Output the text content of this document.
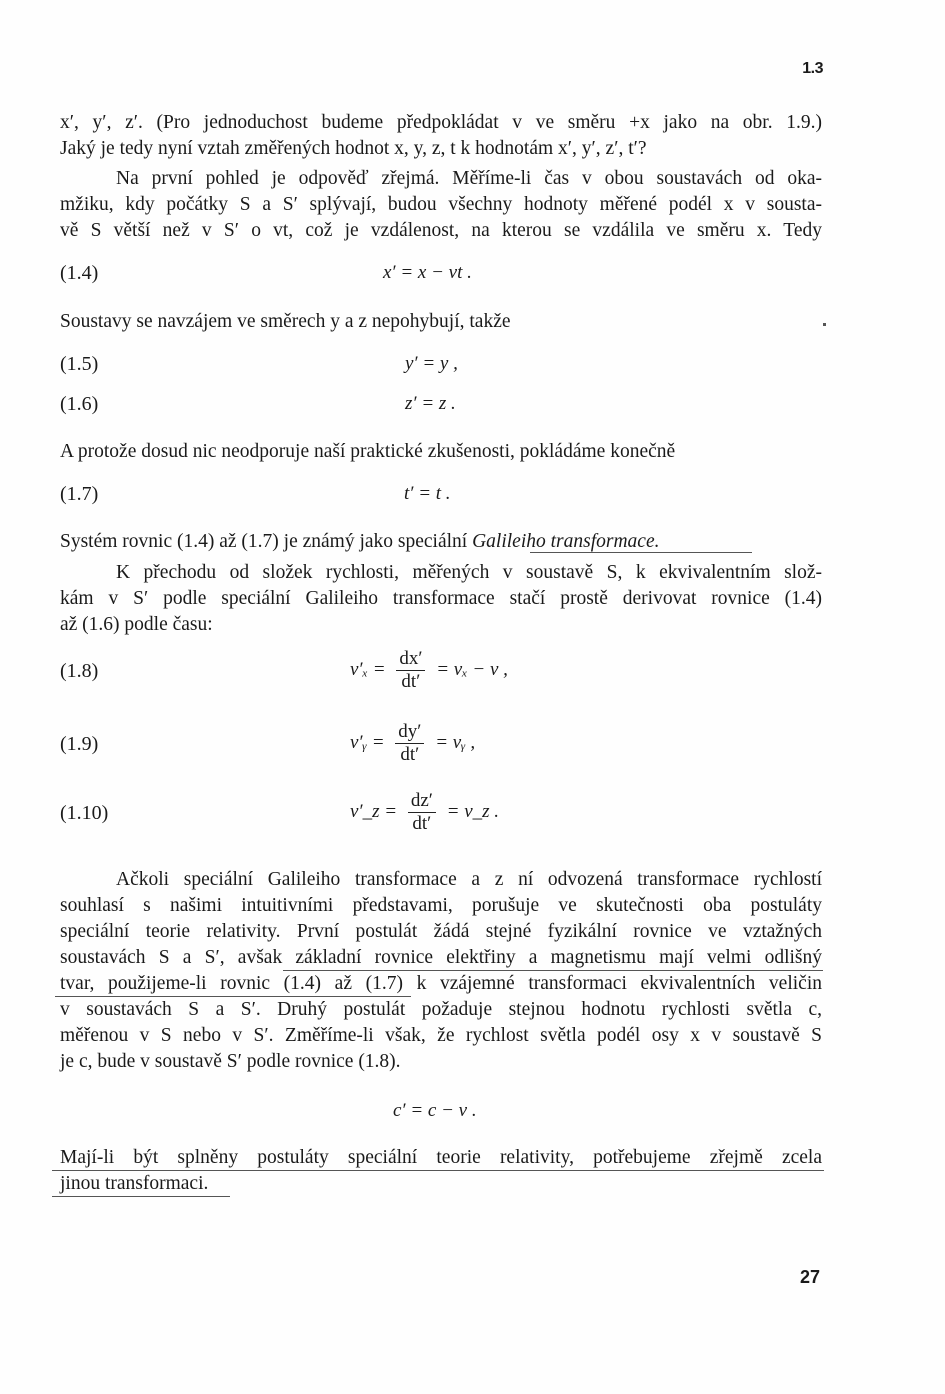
1.3
x′, y′, z′. (Pro jednoduchost budeme předpokládat v ve směru +x jako na obr. 1.9.)
Jaký je tedy nyní vztah změřených hodnot x, y, z, t k hodnotám x′, y′, z′, t′?
Na první pohled je odpověď zřejmá. Měříme-li čas v obou soustavách od oka-
mžiku, kdy počátky S a S′ splývají, budou všechny hodnoty měřené podél x v sousta-
vě S větší než v S′ o vt, což je vzdálenost, na kterou se vzdálila ve směru x. Tedy
(1.4)	x′ = x − vt .
Soustavy se navzájem ve směrech y a z nepohybují, takže
(1.5)	y′ = y ,
(1.6)	z′ = z .
A protože dosud nic neodporuje naší praktické zkušenosti, pokládáme konečně
(1.7)	t′ = t .
Systém rovnic (1.4) až (1.7) je známý jako speciální Galileiho transformace.
K přechodu od složek rychlosti, měřených v soustavě S, k ekvivalentním slož-
kám v S′ podle speciální Galileiho transformace stačí prostě derivovat rovnice (1.4)
až (1.6) podle času:
(1.8)	$v'_x = \frac{dx'}{dt'} = v_x - v$ ,
(1.9)	v′ᵧ = $\frac{dy'}{dt'}$ = vᵧ ,
(1.10)	v′_z = $\frac{dz'}{dt'}$ = v_z .
Ačkoli speciální Galileiho transformace a z ní odvozená transformace rychlostí
souhlasí s našimi intuitivními představami, porušuje ve skutečnosti oba postuláty
speciální teorie relativity. První postulát žádá stejné fyzikální rovnice ve vztažných
soustavách S a S′, avšak základní rovnice elektřiny a magnetismu mají velmi odlišný
tvar, použijeme-li rovnic (1.4) až (1.7) k vzájemné transformaci ekvivalentních veličin
v soustavách S a S′. Druhý postulát požaduje stejnou hodnotu rychlosti světla c,
měřenou v S nebo v S′. Změříme-li však, že rychlost světla podél osy x v soustavě S
je c, bude v soustavě S′ podle rovnice (1.8).
c′ = c − v .
Mají-li být splněny postuláty speciální teorie relativity, potřebujeme zřejmě zcela
jinou transformaci.
27
